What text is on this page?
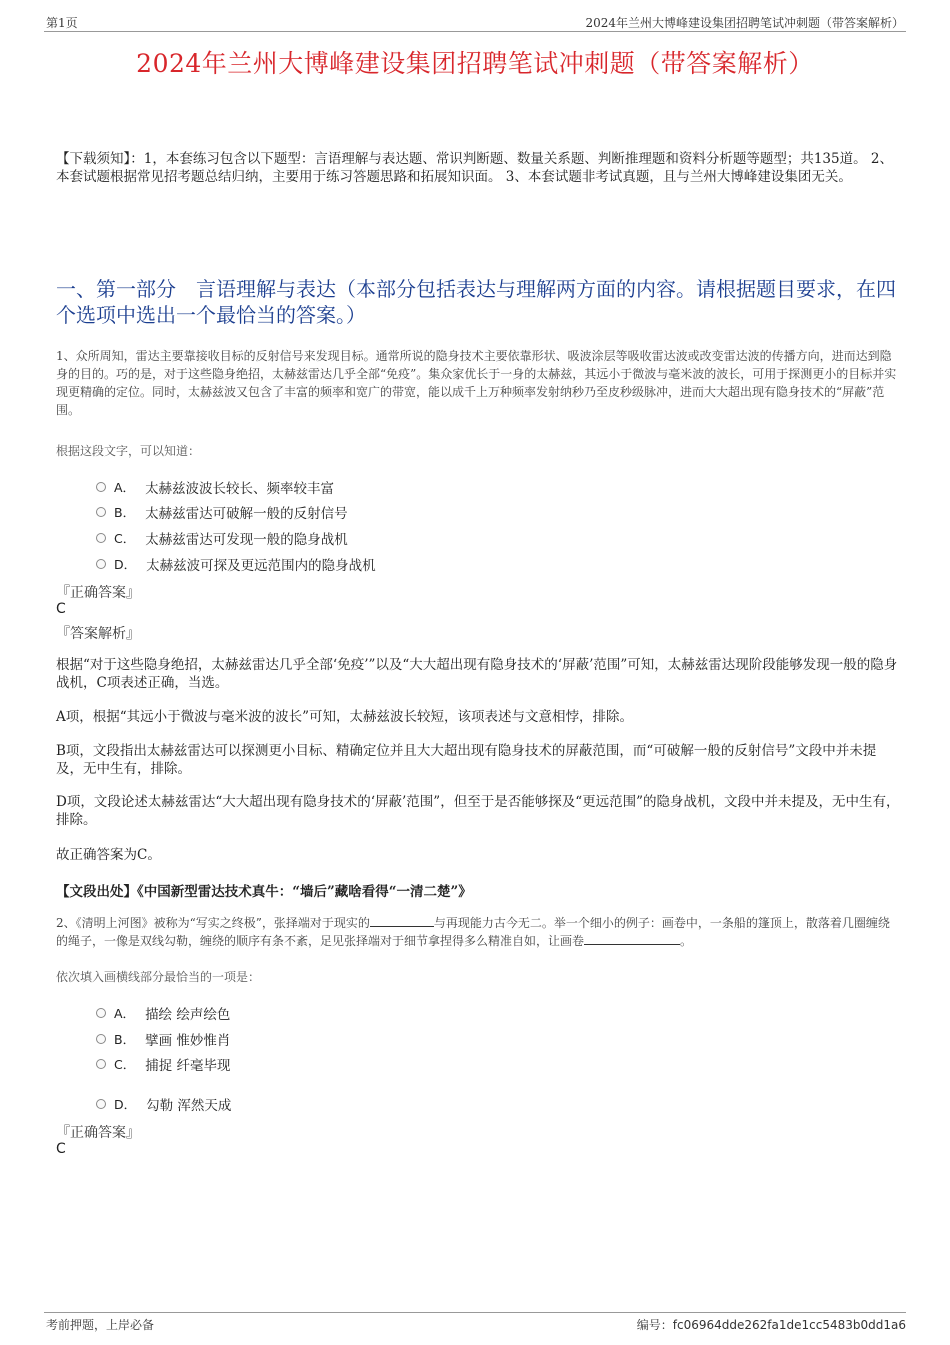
第1页	2024年兰州大博峰建设集团招聘笔试冲刺题（带答案解析）
2024年兰州大博峰建设集团招聘笔试冲刺题（带答案解析）
【下载须知】：1，本套练习包含以下题型：言语理解与表达题、常识判断题、数量关系题、判断推理题和资料分析题等题型；共135道。 2、本套试题根据常见招考题总结归纳，主要用于练习答题思路和拓展知识面。 3、本套试题非考试真题，且与兰州大博峰建设集团无关。
一、第一部分　言语理解与表达（本部分包括表达与理解两方面的内容。请根据题目要求，在四个选项中选出一个最恰当的答案。）
1、众所周知，雷达主要靠接收目标的反射信号来发现目标。通常所说的隐身技术主要依靠形状、吸波涂层等吸收雷达波或改变雷达波的传播方向，进而达到隐身的目的。巧的是，对于这些隐身绝招，太赫兹雷达几乎全部“免疫”。集众家优长于一身的太赫兹，其远小于微波与毫米波的波长，可用于探测更小的目标并实现更精确的定位。同时，太赫兹波又包含了丰富的频率和宽广的带宽，能以成千上万种频率发射纳秒乃至皮秒级脉冲，进而大大超出现有隐身技术的“屏蔽”范围。
根据这段文字，可以知道：
A． 太赫兹波波长较长、频率较丰富
B． 太赫兹雷达可破解一般的反射信号
C． 太赫兹雷达可发现一般的隐身战机
D． 太赫兹波可探及更远范围内的隐身战机
『正确答案』
C
『答案解析』
根据“对于这些隐身绝招，太赫兹雷达几乎全部‘免疫’”以及“大大超出现有隐身技术的‘屏蔽’范围”可知，太赫兹雷达现阶段能够发现一般的隐身战机，C项表述正确，当选。
A项，根据“其远小于微波与毫米波的波长”可知，太赫兹波长较短，该项表述与文意相悖，排除。
B项，文段指出太赫兹雷达可以探测更小目标、精确定位并且大大超出现有隐身技术的屏蔽范围，而“可破解一般的反射信号”文段中并未提及，无中生有，排除。
D项，文段论述太赫兹雷达“大大超出现有隐身技术的‘屏蔽’范围”，但至于是否能够探及“更远范围”的隐身战机，文段中并未提及，无中生有，排除。
故正确答案为C。
【文段出处】《中国新型雷达技术真牛：“墙后”藏啥看得“一清二楚”》
2、《清明上河图》被称为“写实之终极”，张择端对于现实的	与再现能力古今无二。举一个细小的例子：画卷中，一条船的篷顶上，散落着几圈缠绕的绳子，一像是双线勾勒，缠绕的顺序有条不紊，足见张择端对于细节拿捏得多么精准自如，让画卷	。
依次填入画横线部分最恰当的一项是：
A． 描绘 绘声绘色
B． 擘画 惟妙惟肖
C． 捕捉 纤毫毕现
D． 勾勒 浑然天成
『正确答案』
C
考前押题，上岸必备	编号：fc06964dde262fa1de1cc5483b0dd1a6
